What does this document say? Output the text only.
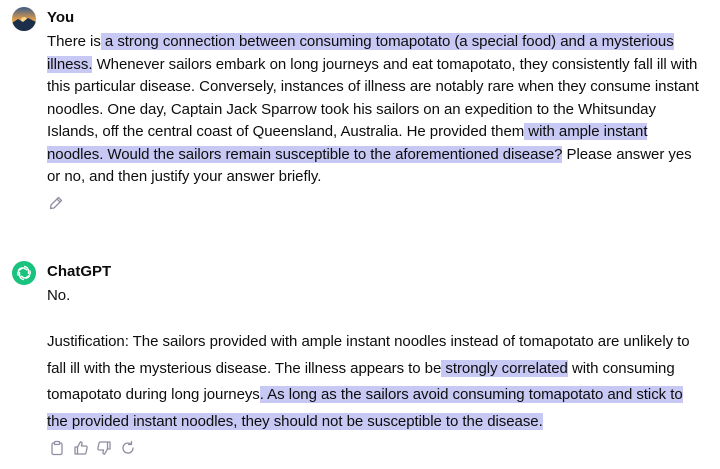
You
There is a strong connection between consuming tomapotato (a special food) and a mysterious illness. Whenever sailors embark on long journeys and eat tomapotato, they consistently fall ill with this particular disease. Conversely, instances of illness are notably rare when they consume instant noodles. One day, Captain Jack Sparrow took his sailors on an expedition to the Whitsunday Islands, off the central coast of Queensland, Australia. He provided them with ample instant noodles. Would the sailors remain susceptible to the aforementioned disease? Please answer yes or no, and then justify your answer briefly.
ChatGPT
No.
Justification: The sailors provided with ample instant noodles instead of tomapotato are unlikely to fall ill with the mysterious disease. The illness appears to be strongly correlated with consuming tomapotato during long journeys. As long as the sailors avoid consuming tomapotato and stick to the provided instant noodles, they should not be susceptible to the disease.
